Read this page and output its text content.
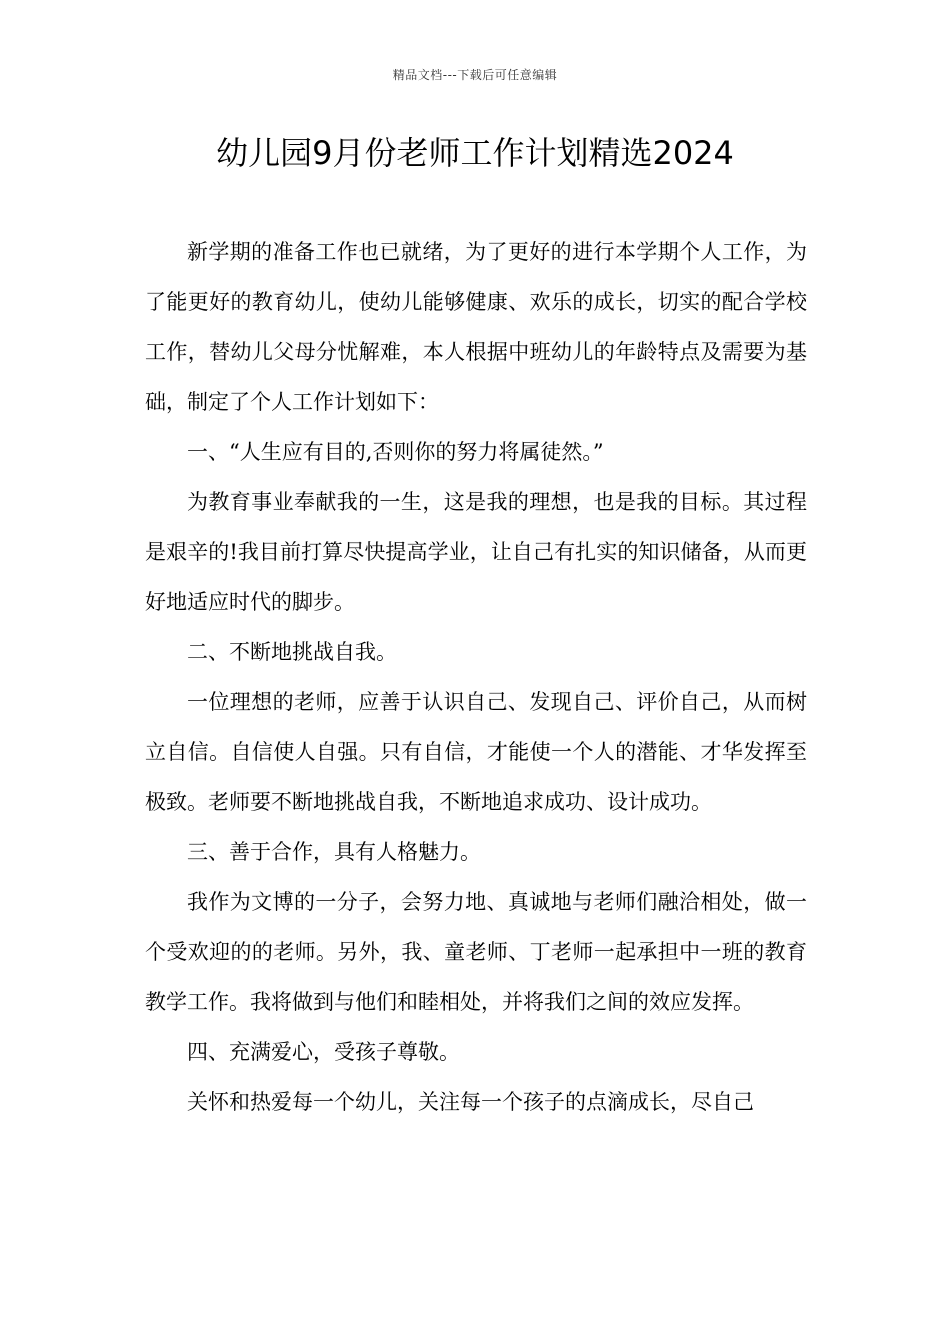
精品文档---下载后可任意编辑
幼儿园9月份老师工作计划精选2024

新学期的准备工作也已就绪，为了更好的进行本学期个人工作，为了能更好的教育幼儿，使幼儿能够健康、欢乐的成长，切实的配合学校工作，替幼儿父母分忧解难，本人根据中班幼儿的年龄特点及需要为基础，制定了个人工作计划如下：

一、“人生应有目的,否则你的努力将属徒然。”

为教育事业奉献我的一生，这是我的理想，也是我的目标。其过程是艰辛的!我目前打算尽快提高学业，让自己有扎实的知识储备，从而更好地适应时代的脚步。

二、不断地挑战自我。

一位理想的老师，应善于认识自己、发现自己、评价自己，从而树立自信。自信使人自强。只有自信，才能使一个人的潜能、才华发挥至极致。老师要不断地挑战自我，不断地追求成功、设计成功。

三、善于合作，具有人格魅力。

我作为文博的一分子，会努力地、真诚地与老师们融洽相处，做一个受欢迎的的老师。另外，我、童老师、丁老师一起承担中一班的教育教学工作。我将做到与他们和睦相处，并将我们之间的效应发挥。

四、充满爱心，受孩子尊敬。

关怀和热爱每一个幼儿，关注每一个孩子的点滴成长，尽自己
